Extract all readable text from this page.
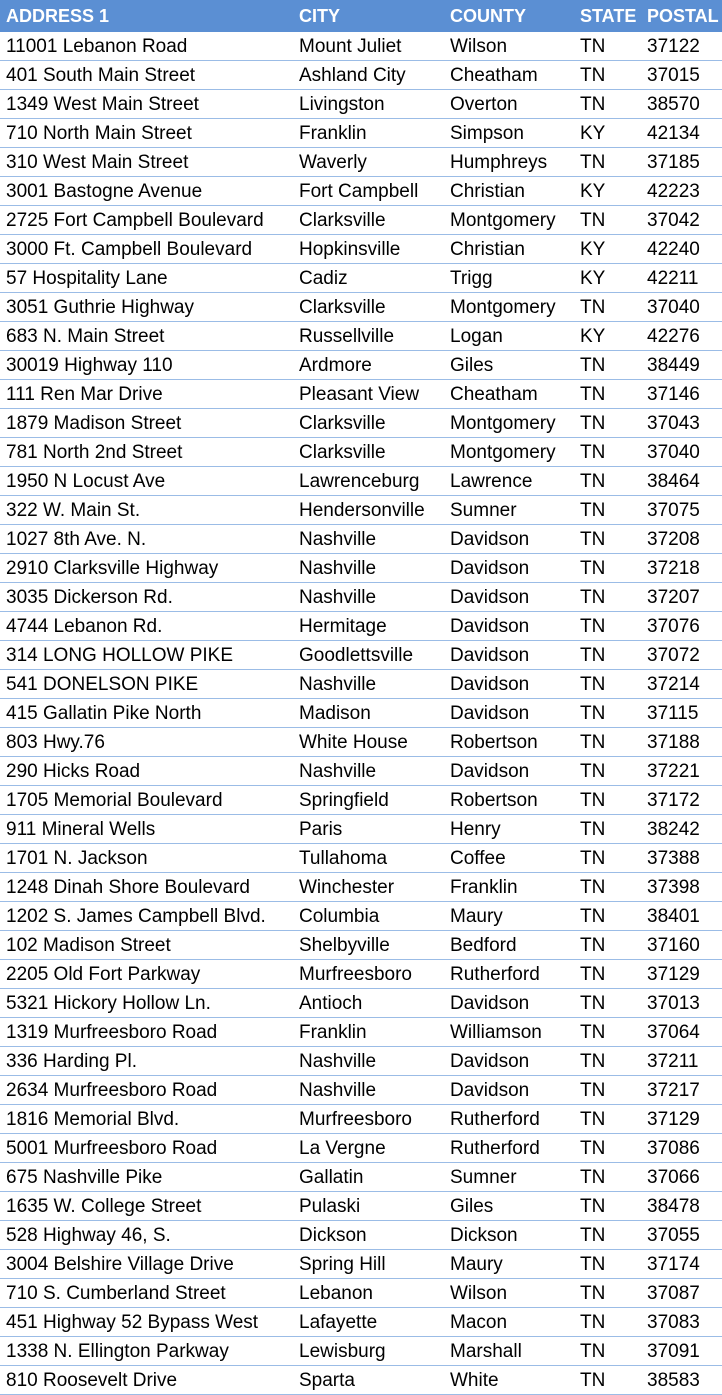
ADDRESS 1	CITY	COUNTY	STATE	POSTAL
11001 Lebanon Road	Mount Juliet	Wilson	TN	37122
401 South Main Street	Ashland City	Cheatham	TN	37015
1349 West Main Street	Livingston	Overton	TN	38570
710 North Main Street	Franklin	Simpson	KY	42134
310 West Main Street	Waverly	Humphreys	TN	37185
3001 Bastogne Avenue	Fort Campbell	Christian	KY	42223
2725 Fort Campbell Boulevard	Clarksville	Montgomery	TN	37042
3000 Ft. Campbell Boulevard	Hopkinsville	Christian	KY	42240
57 Hospitality Lane	Cadiz	Trigg	KY	42211
3051 Guthrie Highway	Clarksville	Montgomery	TN	37040
683 N. Main Street	Russellville	Logan	KY	42276
30019 Highway 110	Ardmore	Giles	TN	38449
111 Ren Mar Drive	Pleasant View	Cheatham	TN	37146
1879 Madison Street	Clarksville	Montgomery	TN	37043
781 North 2nd Street	Clarksville	Montgomery	TN	37040
1950 N Locust Ave	Lawrenceburg	Lawrence	TN	38464
322 W. Main St.	Hendersonville	Sumner	TN	37075
1027 8th Ave. N.	Nashville	Davidson	TN	37208
2910 Clarksville Highway	Nashville	Davidson	TN	37218
3035 Dickerson Rd.	Nashville	Davidson	TN	37207
4744 Lebanon Rd.	Hermitage	Davidson	TN	37076
314 LONG HOLLOW PIKE	Goodlettsville	Davidson	TN	37072
541 DONELSON PIKE	Nashville	Davidson	TN	37214
415 Gallatin Pike North	Madison	Davidson	TN	37115
803 Hwy.76	White House	Robertson	TN	37188
290 Hicks Road	Nashville	Davidson	TN	37221
1705 Memorial Boulevard	Springfield	Robertson	TN	37172
911 Mineral Wells	Paris	Henry	TN	38242
1701 N. Jackson	Tullahoma	Coffee	TN	37388
1248 Dinah Shore Boulevard	Winchester	Franklin	TN	37398
1202 S. James Campbell Blvd.	Columbia	Maury	TN	38401
102 Madison Street	Shelbyville	Bedford	TN	37160
2205 Old Fort Parkway	Murfreesboro	Rutherford	TN	37129
5321 Hickory Hollow Ln.	Antioch	Davidson	TN	37013
1319 Murfreesboro Road	Franklin	Williamson	TN	37064
336 Harding Pl.	Nashville	Davidson	TN	37211
2634 Murfreesboro Road	Nashville	Davidson	TN	37217
1816 Memorial Blvd.	Murfreesboro	Rutherford	TN	37129
5001 Murfreesboro Road	La Vergne	Rutherford	TN	37086
675 Nashville Pike	Gallatin	Sumner	TN	37066
1635 W. College Street	Pulaski	Giles	TN	38478
528 Highway 46, S.	Dickson	Dickson	TN	37055
3004 Belshire Village Drive	Spring Hill	Maury	TN	37174
710 S. Cumberland Street	Lebanon	Wilson	TN	37087
451 Highway 52 Bypass West	Lafayette	Macon	TN	37083
1338 N. Ellington Parkway	Lewisburg	Marshall	TN	37091
810 Roosevelt Drive	Sparta	White	TN	38583
